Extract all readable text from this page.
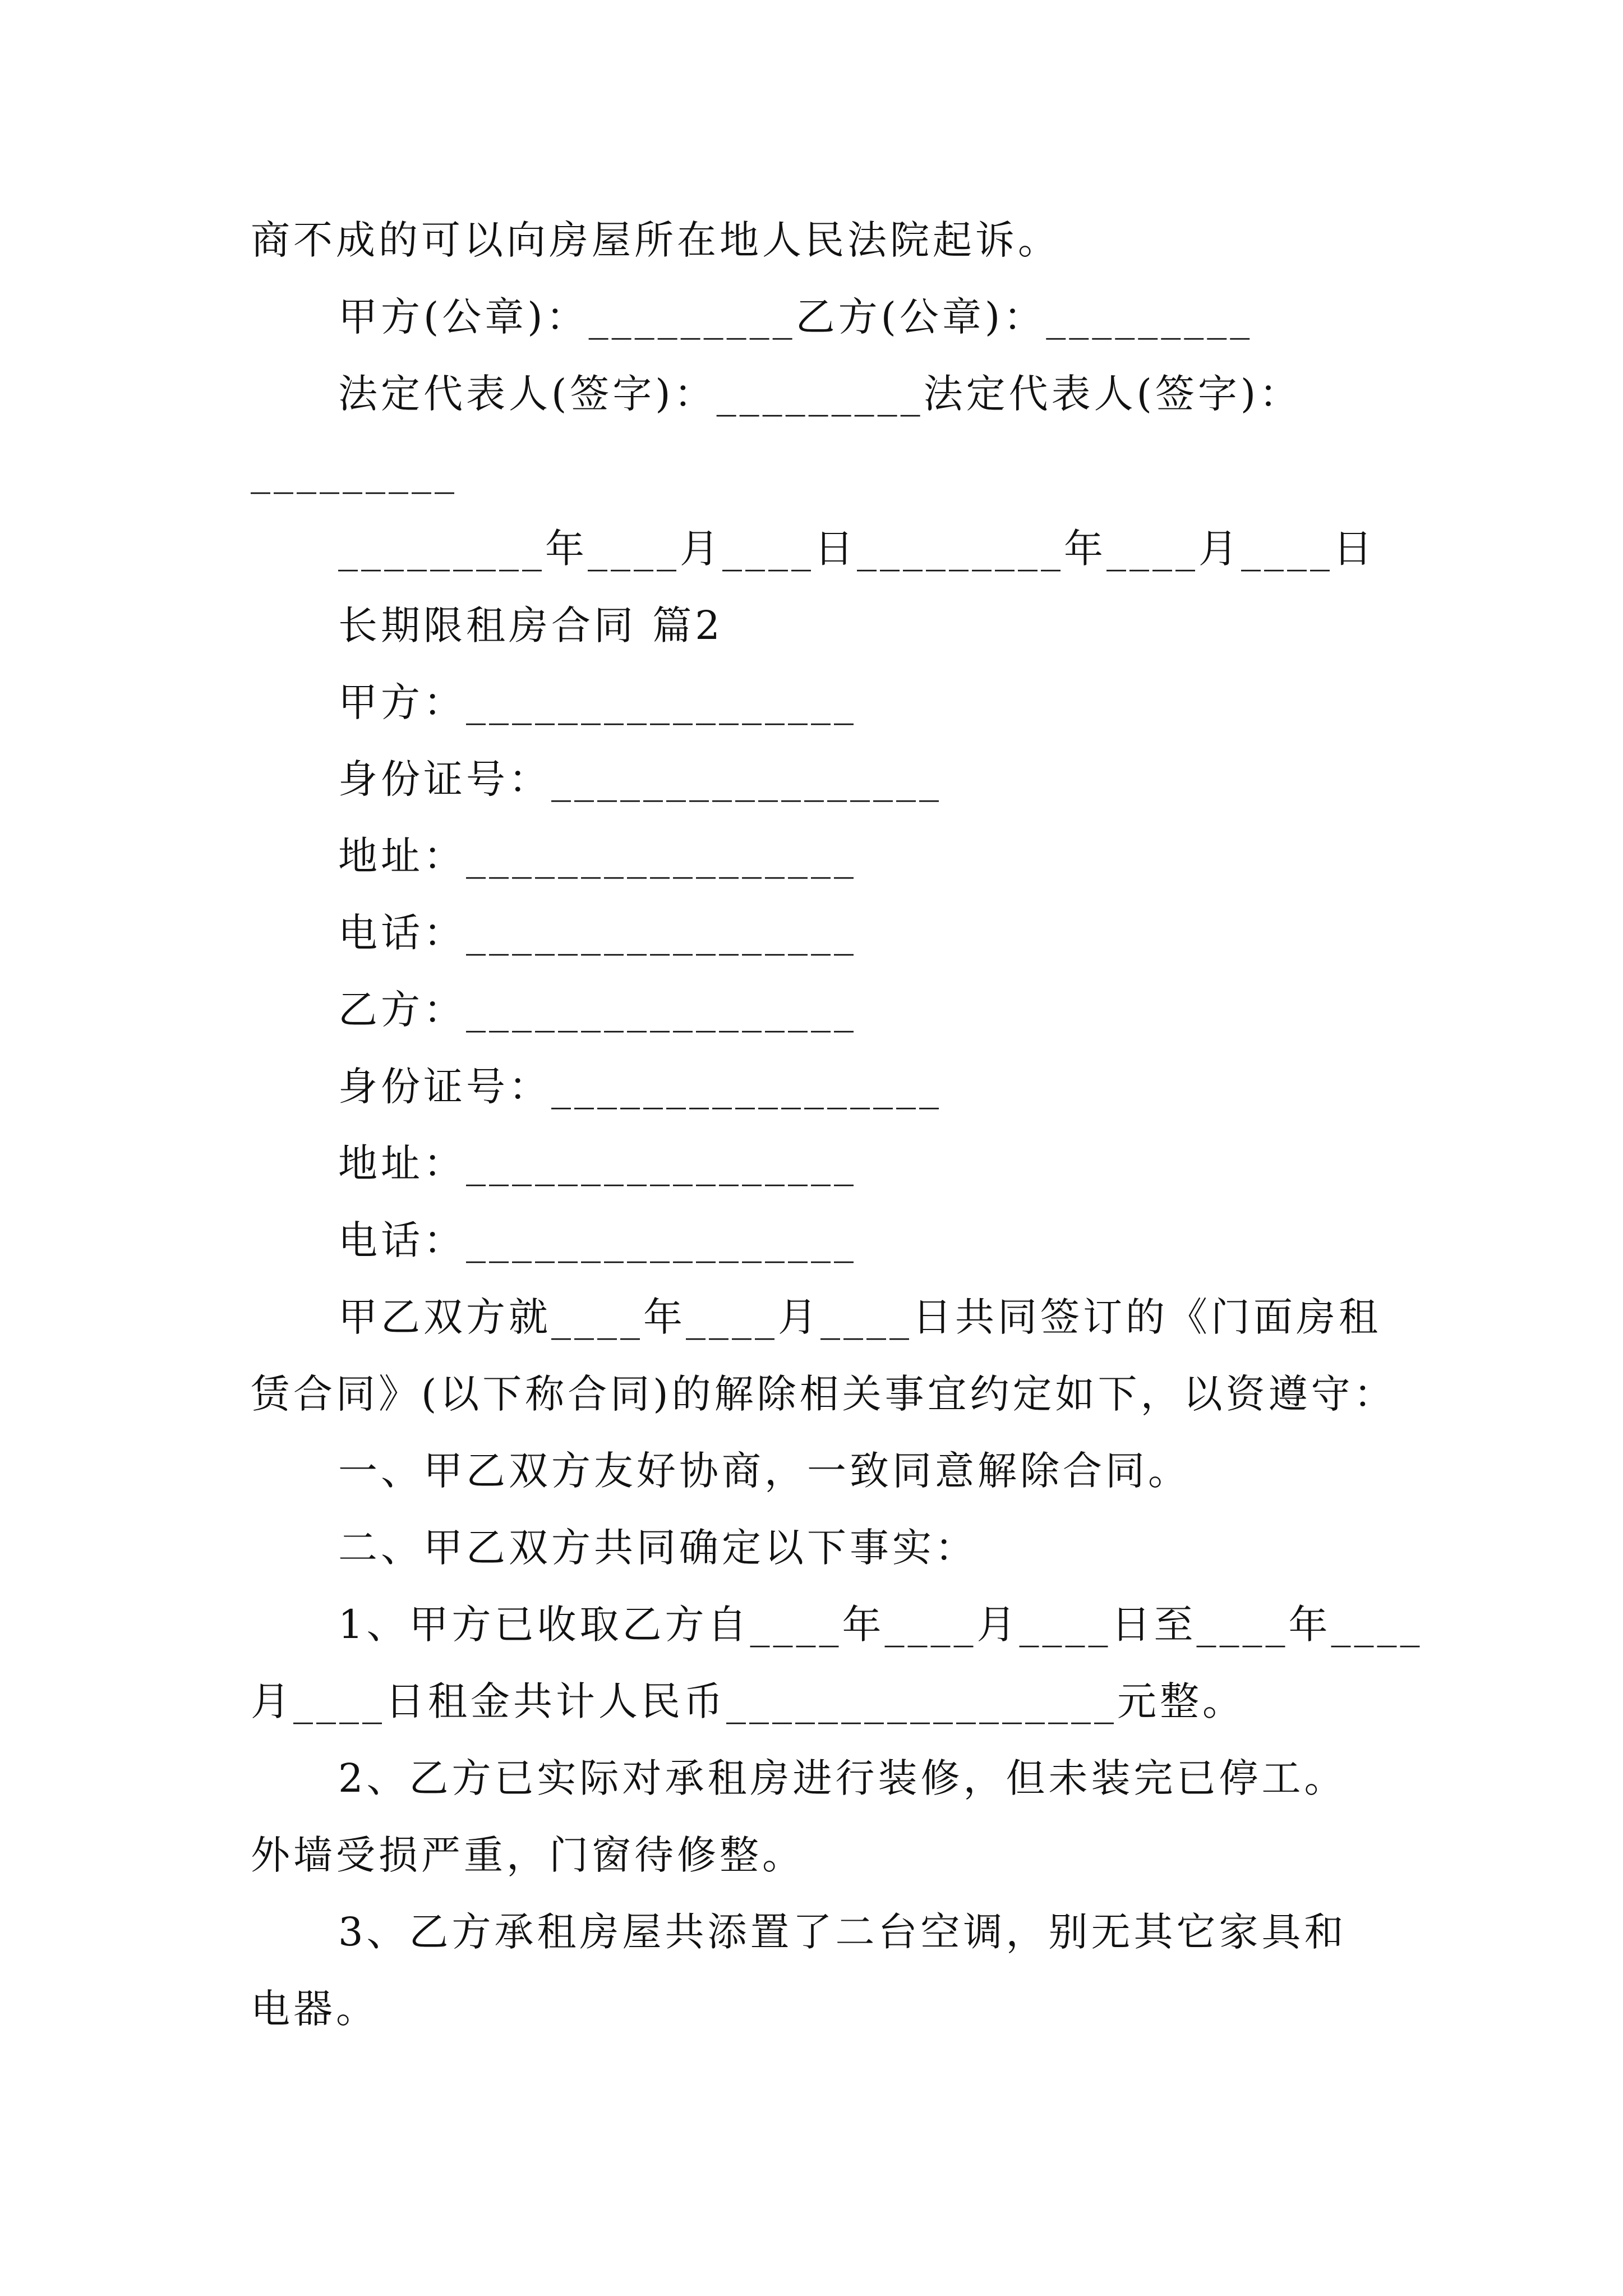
商不成的可以向房屋所在地人民法院起诉。
甲方(公章)：_________乙方(公章)：_________
法定代表人(签字)：_________法定代表人(签字)：
_________
_________年____月____日_________年____月____日
长期限租房合同 篇2
甲方：_________________
身份证号：_________________
地址：_________________
电话：_________________
乙方：_________________
身份证号：_________________
地址：_________________
电话：_________________
甲乙双方就____年____月____日共同签订的《门面房租
赁合同》(以下称合同)的解除相关事宜约定如下，以资遵守：
一、甲乙双方友好协商，一致同意解除合同。
二、甲乙双方共同确定以下事实：
1、甲方已收取乙方自____年____月____日至____年____
月____日租金共计人民币_________________元整。
2、乙方已实际对承租房进行装修，但未装完已停工。
外墙受损严重，门窗待修整。
3、乙方承租房屋共添置了二台空调，别无其它家具和
电器。
